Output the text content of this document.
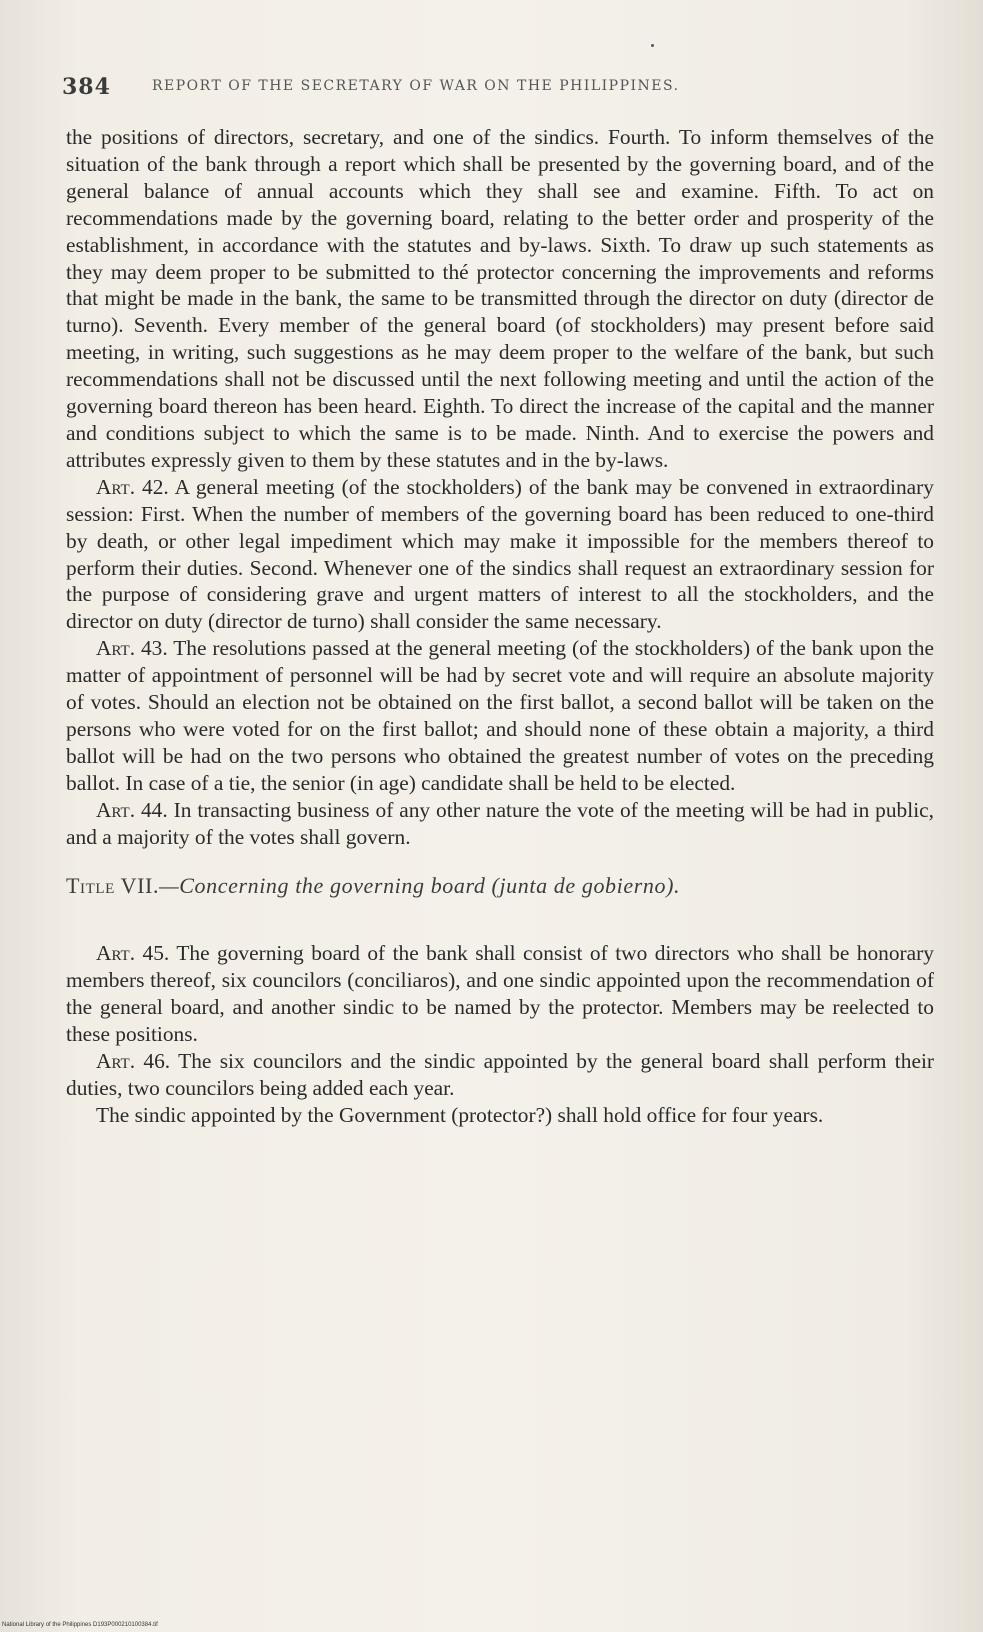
384	REPORT OF THE SECRETARY OF WAR ON THE PHILIPPINES.

the positions of directors, secretary, and one of the sindics. Fourth. To inform themselves of the situation of the bank through a report which shall be presented by the governing board, and of the general balance of annual accounts which they shall see and examine. Fifth. To act on recommendations made by the governing board, relating to the better order and prosperity of the establishment, in accordance with the statutes and by-laws. Sixth. To draw up such statements as they may deem proper to be submitted to thé protector concerning the improvements and reforms that might be made in the bank, the same to be transmitted through the director on duty (director de turno). Seventh. Every member of the general board (of stockholders) may present before said meeting, in writing, such suggestions as he may deem proper to the welfare of the bank, but such recommendations shall not be discussed until the next following meeting and until the action of the governing board thereon has been heard. Eighth. To direct the increase of the capital and the manner and conditions subject to which the same is to be made. Ninth. And to exercise the powers and attributes expressly given to them by these statutes and in the by-laws.

Art. 42. A general meeting (of the stockholders) of the bank may be convened in extraordinary session: First. When the number of members of the governing board has been reduced to one-third by death, or other legal impediment which may make it impossible for the members thereof to perform their duties. Second. Whenever one of the sindics shall request an extraordinary session for the purpose of considering grave and urgent matters of interest to all the stockholders, and the director on duty (director de turno) shall consider the same necessary.

Art. 43. The resolutions passed at the general meeting (of the stockholders) of the bank upon the matter of appointment of personnel will be had by secret vote and will require an absolute majority of votes. Should an election not be obtained on the first ballot, a second ballot will be taken on the persons who were voted for on the first ballot; and should none of these obtain a majority, a third ballot will be had on the two persons who obtained the greatest number of votes on the preceding ballot. In case of a tie, the senior (in age) candidate shall be held to be elected.

Art. 44. In transacting business of any other nature the vote of the meeting will be had in public, and a majority of the votes shall govern.

Title VII.—Concerning the governing board (junta de gobierno).

Art. 45. The governing board of the bank shall consist of two directors who shall be honorary members thereof, six councilors (conciliaros), and one sindic appointed upon the recommendation of the general board, and another sindic to be named by the protector. Members may be reelected to these positions.

Art. 46. The six councilors and the sindic appointed by the general board shall perform their duties, two councilors being added each year.

The sindic appointed by the Government (protector?) shall hold office for four years.

National Library of the Philippines D193P000210100384.tif
